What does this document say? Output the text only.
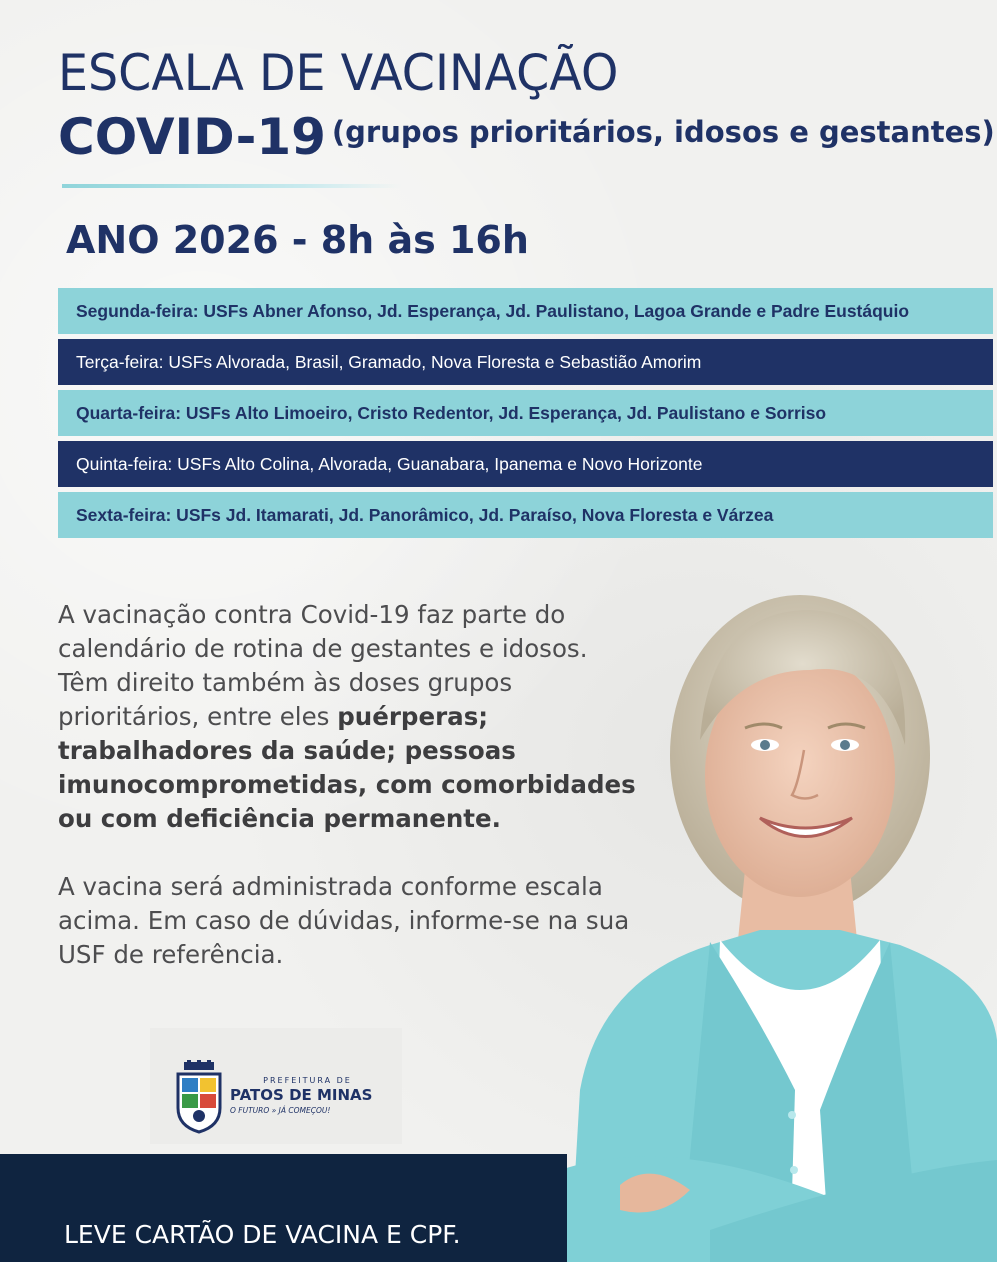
ESCALA DE VACINAÇÃO
COVID-19 (grupos prioritários, idosos e gestantes)
ANO 2026 - 8h às 16h
Segunda-feira: USFs Abner Afonso, Jd. Esperança, Jd. Paulistano, Lagoa Grande e Padre Eustáquio
Terça-feira: USFs Alvorada, Brasil, Gramado, Nova Floresta e Sebastião Amorim
Quarta-feira: USFs Alto Limoeiro, Cristo Redentor, Jd. Esperança, Jd. Paulistano e Sorriso
Quinta-feira: USFs Alto Colina, Alvorada, Guanabara, Ipanema e Novo Horizonte
Sexta-feira: USFs Jd. Itamarati, Jd. Panorâmico, Jd. Paraíso, Nova Floresta e Várzea
A vacinação contra Covid-19 faz parte do calendário de rotina de gestantes e idosos. Têm direito também às doses grupos prioritários, entre eles puérperas; trabalhadores da saúde; pessoas imunocomprometidas, com comorbidades ou com deficiência permanente.
A vacina será administrada conforme escala acima. Em caso de dúvidas, informe-se na sua USF de referência.
PREFEITURA DE
PATOS DE MINAS
O FUTURO » JÁ COMEÇOU!
LEVE CARTÃO DE VACINA E CPF.
